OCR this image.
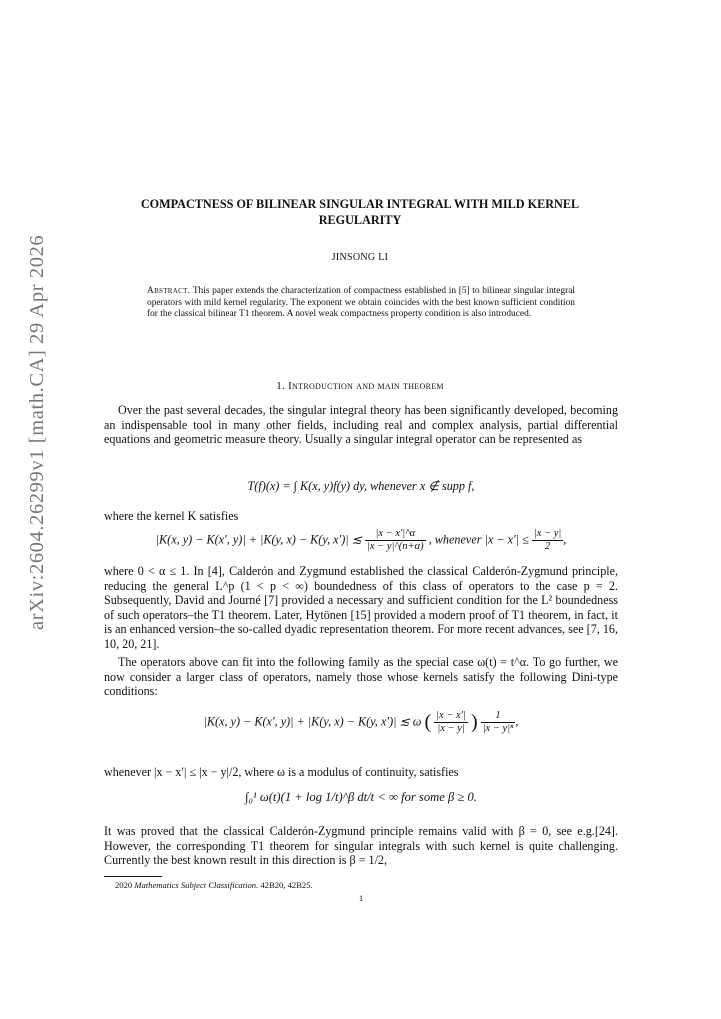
arXiv:2604.26299v1 [math.CA] 29 Apr 2026
COMPACTNESS OF BILINEAR SINGULAR INTEGRAL WITH MILD KERNEL
REGULARITY
JINSONG LI
Abstract. This paper extends the characterization of compactness established in [5] to bilinear singular integral operators with mild kernel regularity. The exponent we obtain coincides with the best known sufficient condition for the classical bilinear T1 theorem. A novel weak compactness property condition is also introduced.
1. Introduction and main theorem
Over the past several decades, the singular integral theory has been significantly developed, becoming an indispensable tool in many other fields, including real and complex analysis, partial differential equations and geometric measure theory. Usually a singular integral operator can be represented as
T(f)(x) = ∫ K(x, y)f(y) dy, whenever x ∉ supp f,
where the kernel K satisfies
|K(x, y) − K(x′, y)| + |K(y, x) − K(y, x′)| ≲ $\frac{|x - x'|\^{}\alpha}{|x - y|\^{}(n+\alpha)}$ , whenever $|x - x'| \le \frac{|x - y|}{2}$ ,
where 0 < α ≤ 1. In [4], Calderón and Zygmund established the classical Calderón-Zygmund principle, reducing the general L^p (1 < p < ∞) boundedness of this class of operators to the case p = 2. Subsequently, David and Journé [7] provided a necessary and sufficient condition for the L² boundedness of such operators–the T1 theorem. Later, Hytönen [15] provided a modern proof of T1 theorem, in fact, it is an enhanced version–the so-called dyadic representation theorem. For more recent advances, see [7, 16, 10, 20, 21].
The operators above can fit into the following family as the special case ω(t) = t^α. To go further, we now consider a larger class of operators, namely those whose kernels satisfy the following Dini-type conditions:
|K(x, y) − K(x′, y)| + |K(y, x) − K(y, x′)| ≲ ω ( $\frac{|x - x'|}{|x - y|}$ ) $\frac{1}{\text{|x − y|ⁿ}}$ ,
whenever |x − x′| ≤ |x − y|/2, where ω is a modulus of continuity, satisfies
∫₀¹ ω(t)(1 + log 1/t)^β dt/t < ∞ for some β ≥ 0.
It was proved that the classical Calderón-Zygmund principle remains valid with β = 0, see e.g.[24]. However, the corresponding T1 theorem for singular integrals with such kernel is quite challenging. Currently the best known result in this direction is β = 1/2,
2020 Mathematics Subject Classification. 42B20, 42B25.
1
